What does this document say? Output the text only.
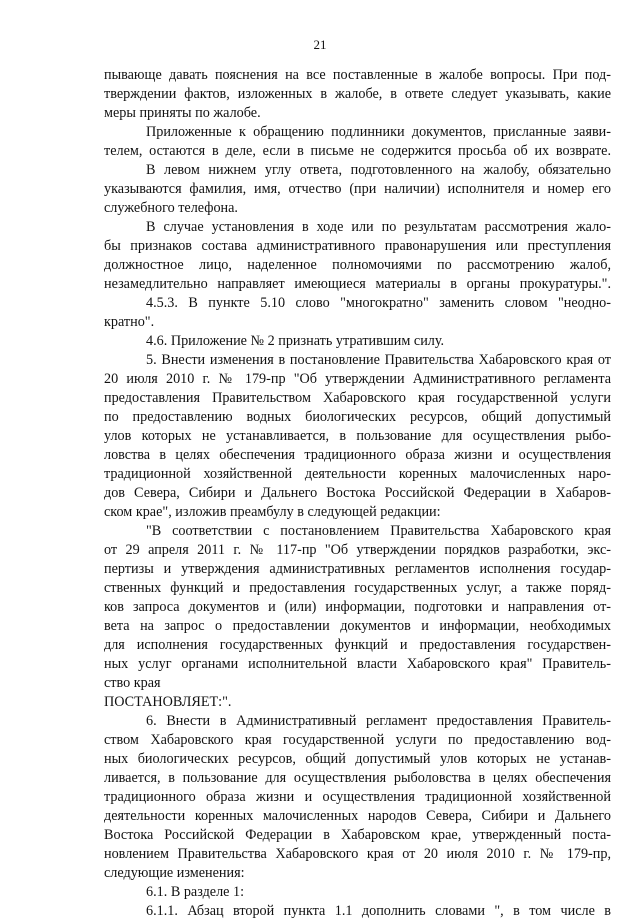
21
пывающе давать пояснения на все поставленные в жалобе вопросы. При под-
тверждении фактов, изложенных в жалобе, в ответе следует указывать, какие
меры приняты по жалобе.
Приложенные к обращению подлинники документов, присланные заяви-
телем, остаются в деле, если в письме не содержится просьба об их возврате.
В левом нижнем углу ответа, подготовленного на жалобу, обязательно
указываются фамилия, имя, отчество (при наличии) исполнителя и номер его
служебного телефона.
В случае установления в ходе или по результатам рассмотрения жало-
бы признаков состава административного правонарушения или преступления
должностное лицо, наделенное полномочиями по рассмотрению жалоб,
незамедлительно направляет имеющиеся материалы в органы прокуратуры.".
4.5.3. В пункте 5.10 слово "многократно" заменить словом "неодно-
кратно".
4.6. Приложение № 2 признать утратившим силу.
5. Внести изменения в постановление Правительства Хабаровского края от
20 июля 2010 г. № 179-пр "Об утверждении Административного регламента
предоставления Правительством Хабаровского края государственной услуги
по предоставлению водных биологических ресурсов, общий допустимый
улов которых не устанавливается, в пользование для осуществления рыбо-
ловства в целях обеспечения традиционного образа жизни и осуществления
традиционной хозяйственной деятельности коренных малочисленных наро-
дов Севера, Сибири и Дальнего Востока Российской Федерации в Хабаров-
ском крае", изложив преамбулу в следующей редакции:
"В соответствии с постановлением Правительства Хабаровского края
от 29 апреля 2011 г. № 117-пр "Об утверждении порядков разработки, экс-
пертизы и утверждения административных регламентов исполнения государ-
ственных функций и предоставления государственных услуг, а также поряд-
ков запроса документов и (или) информации, подготовки и направления от-
вета на запрос о предоставлении документов и информации, необходимых
для исполнения государственных функций и предоставления государствен-
ных услуг органами исполнительной власти Хабаровского края" Правитель-
ство края
ПОСТАНОВЛЯЕТ:".
6. Внести в Административный регламент предоставления Правитель-
ством Хабаровского края государственной услуги по предоставлению вод-
ных биологических ресурсов, общий допустимый улов которых не устанав-
ливается, в пользование для осуществления рыболовства в целях обеспечения
традиционного образа жизни и осуществления традиционной хозяйственной
деятельности коренных малочисленных народов Севера, Сибири и Дальнего
Востока Российской Федерации в Хабаровском крае, утвержденный поста-
новлением Правительства Хабаровского края от 20 июля 2010 г. № 179-пр,
следующие изменения:
6.1. В разделе 1:
6.1.1. Абзац второй пункта 1.1 дополнить словами ", в том числе в
